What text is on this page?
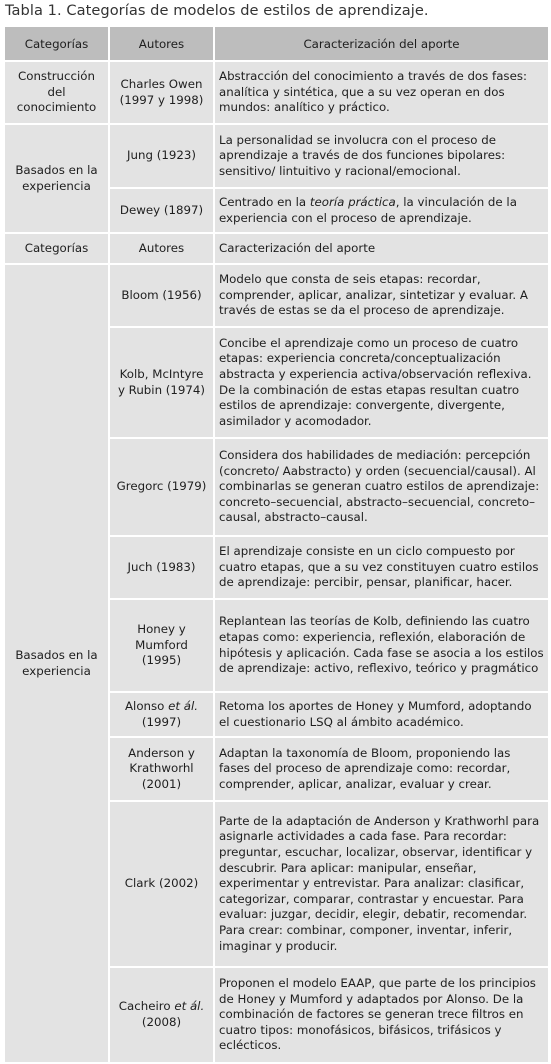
Tabla 1. Categorías de modelos de estilos de aprendizaje.
Categorías	Autores	Caracterización del aporte
Construcción del conocimiento	Charles Owen (1997 y 1998)	Abstracción del conocimiento a través de dos fases: analítica y sintética, que a su vez operan en dos mundos: analítico y práctico.
Basados en la experiencia	Jung (1923)	La personalidad se involucra con el proceso de aprendizaje a través de dos funciones bipolares: sensitivo/ lintuitivo y racional/emocional.
	Dewey (1897)	Centrado en la teoría práctica, la vinculación de la experiencia con el proceso de aprendizaje.
Categorías	Autores	Caracterización del aporte
Basados en la experiencia	Bloom (1956)	Modelo que consta de seis etapas: recordar, comprender, aplicar, analizar, sintetizar y evaluar. A través de estas se da el proceso de aprendizaje.
	Kolb, McIntyre y Rubin (1974)	Concibe el aprendizaje como un proceso de cuatro etapas: experiencia concreta/conceptualización abstracta y experiencia activa/observación reflexiva. De la combinación de estas etapas resultan cuatro estilos de aprendizaje: convergente, divergente, asimilador y acomodador.
	Gregorc (1979)	Considera dos habilidades de mediación: percepción (concreto/ Aabstracto) y orden (secuencial/causal). Al combinarlas se generan cuatro estilos de aprendizaje: concreto–secuencial, abstracto–secuencial, concreto–causal, abstracto–causal.
	Juch (1983)	El aprendizaje consiste en un ciclo compuesto por cuatro etapas, que a su vez constituyen cuatro estilos de aprendizaje: percibir, pensar, planificar, hacer.
	Honey y Mumford (1995)	Replantean las teorías de Kolb, definiendo las cuatro etapas como: experiencia, reflexión, elaboración de hipótesis y aplicación. Cada fase se asocia a los estilos de aprendizaje: activo, reflexivo, teórico y pragmático
	Alonso et ál. (1997)	Retoma los aportes de Honey y Mumford, adoptando el cuestionario LSQ al ámbito académico.
	Anderson y Krathworhl (2001)	Adaptan la taxonomía de Bloom, proponiendo las fases del proceso de aprendizaje como: recordar, comprender, aplicar, analizar, evaluar y crear.
	Clark (2002)	Parte de la adaptación de Anderson y Krathworhl para asignarle actividades a cada fase. Para recordar: preguntar, escuchar, localizar, observar, identificar y descubrir. Para aplicar: manipular, enseñar, experimentar y entrevistar. Para analizar: clasificar, categorizar, comparar, contrastar y encuestar. Para evaluar: juzgar, decidir, elegir, debatir, recomendar. Para crear: combinar, componer, inventar, inferir, imaginar y producir.
	Cacheiro et ál. (2008)	Proponen el modelo EAAP, que parte de los principios de Honey y Mumford y adaptados por Alonso. De la combinación de factores se generan trece filtros en cuatro tipos: monofásicos, bifásicos, trifásicos y eclécticos.
